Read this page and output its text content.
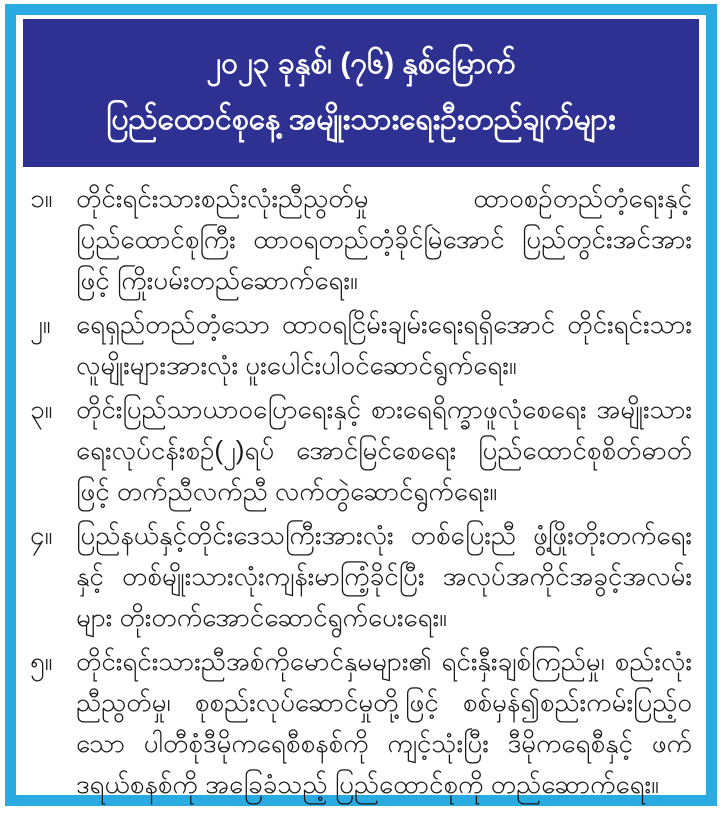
၂၀၂၃ ခုနှစ်၊ (၇၆) နှစ်မြောက်
ပြည်ထောင်စုနေ့ အမျိုးသားရေးဦးတည်ချက်များ
၁။ တိုင်းရင်းသားစည်းလုံးညီညွတ်မှု ထာဝစဉ်တည်တံ့ရေးနှင့် ပြည်ထောင်စုကြီး ထာဝရတည်တံ့ခိုင်မြဲအောင် ပြည်တွင်းအင်အားဖြင့် ကြိုးပမ်းတည်ဆောက်ရေး။
၂။ ရေရှည်တည်တံ့သော ထာဝရငြိမ်းချမ်းရေးရရှိအောင် တိုင်းရင်းသားလူမျိုးများအားလုံး ပူးပေါင်းပါဝင်ဆောင်ရွက်ရေး။
၃။ တိုင်းပြည်သာယာဝပြောရေးနှင့် စားရေရိက္ခာဖူလုံစေရေး အမျိုးသားရေးလုပ်ငန်းစဉ်(၂)ရပ် အောင်မြင်စေရေး ပြည်ထောင်စုစိတ်ဓာတ်ဖြင့် တက်ညီလက်ညီ လက်တွဲဆောင်ရွက်ရေး။
၄။ ပြည်နယ်နှင့်တိုင်းဒေသကြီးအားလုံး တစ်ပြေးညီ ဖွံ့ဖြိုးတိုးတက်ရေးနှင့် တစ်မျိုးသားလုံးကျန်းမာကြံ့ခိုင်ပြီး အလုပ်အကိုင်အခွင့်အလမ်းများ တိုးတက်အောင်ဆောင်ရွက်ပေးရေး။
၅။ တိုင်းရင်းသားညီအစ်ကိုမောင်နှမများ၏ ရင်းနှီးချစ်ကြည်မှု၊ စည်းလုံးညီညွတ်မှု၊ စုစည်းလုပ်ဆောင်မှုတို့ဖြင့် စစ်မှန်၍စည်းကမ်းပြည့်ဝသော ပါတီစုံဒီမိုကရေစီစနစ်ကို ကျင့်သုံးပြီး ဒီမိုကရေစီနှင့် ဖက်ဒရယ်စနစ်ကို အခြေခံသည့် ပြည်ထောင်စုကို တည်ဆောက်ရေး။
